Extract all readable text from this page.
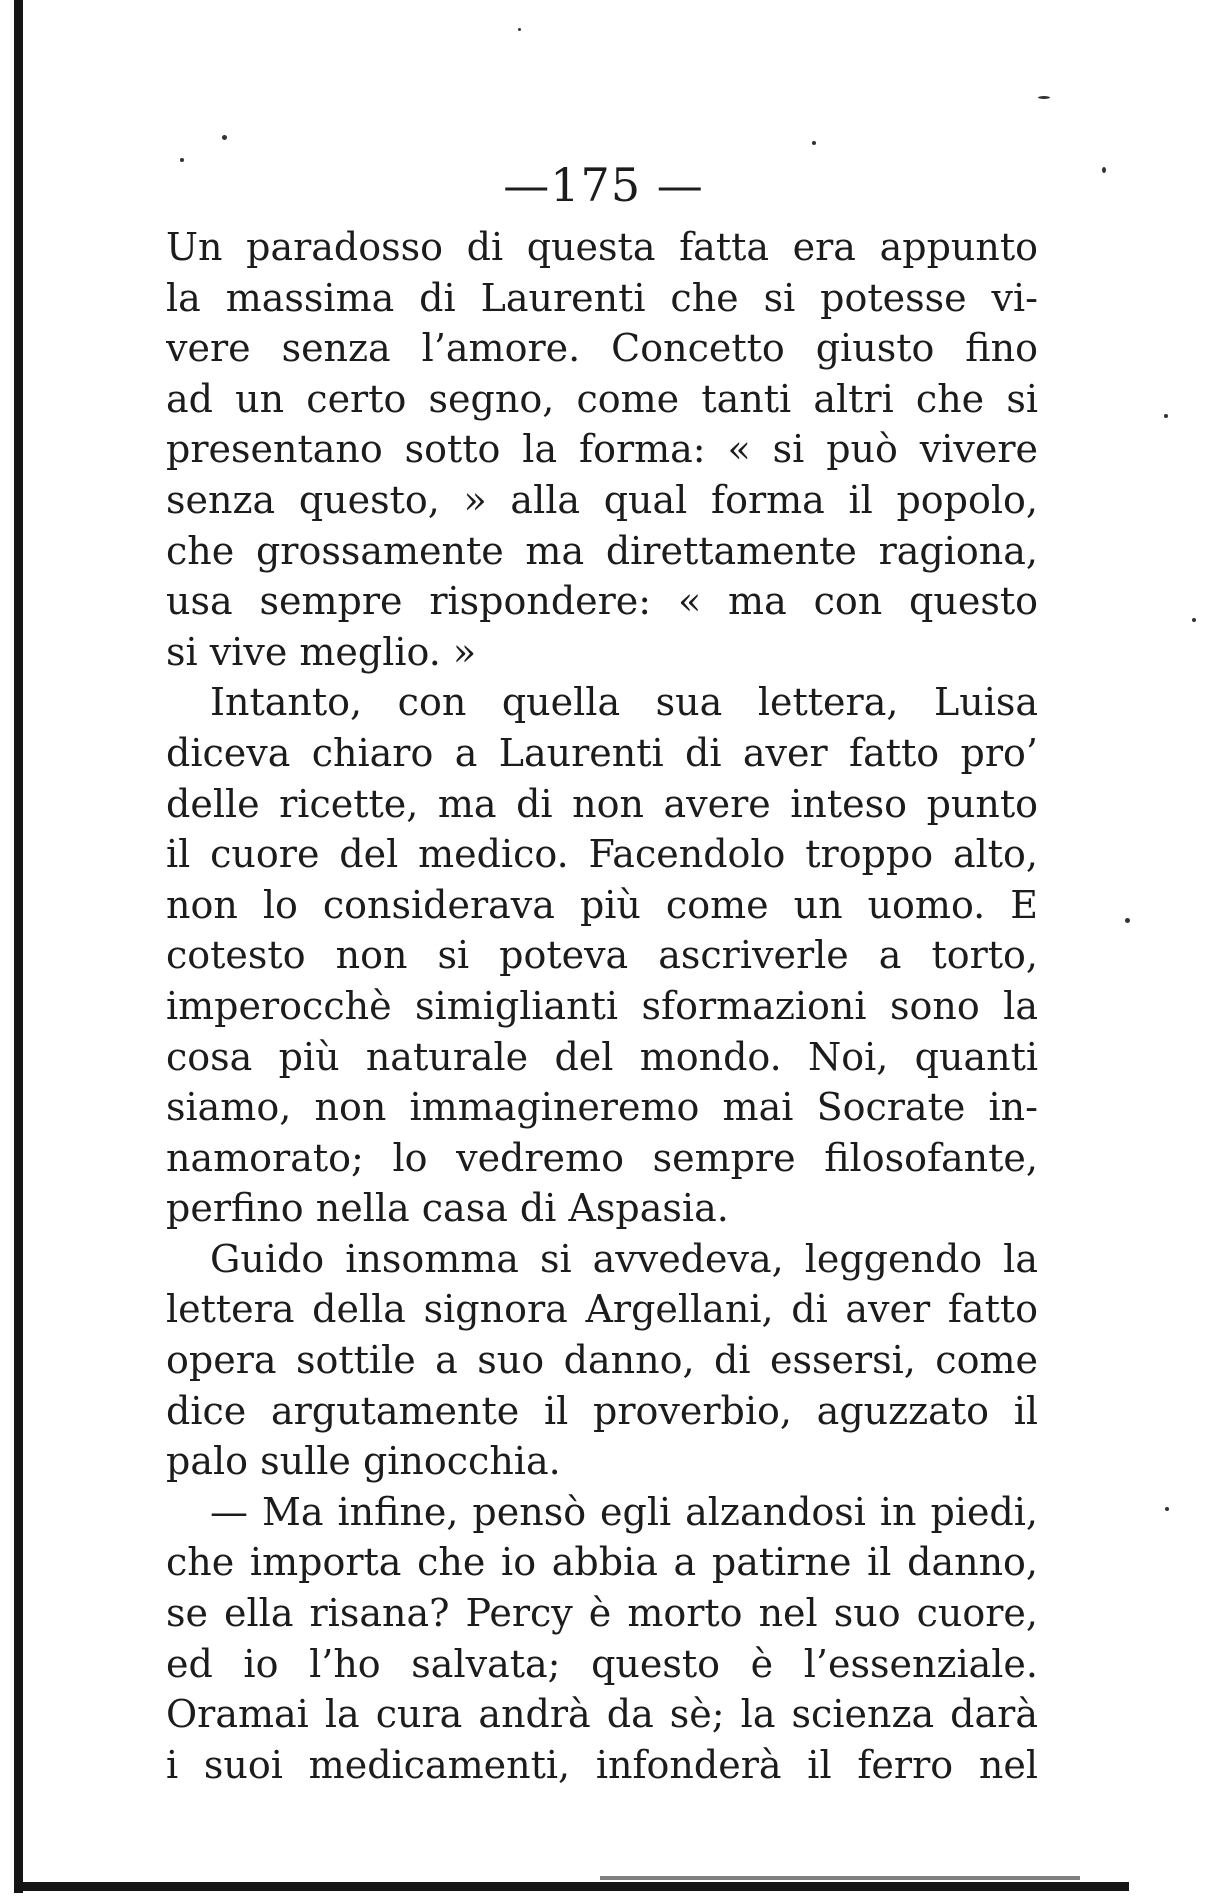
—175 —
Un paradosso di questa fatta era appunto
la massima di Laurenti che si potesse vi-
vere senza l’amore. Concetto giusto fino
ad un certo segno, come tanti altri che si
presentano sotto la forma: « si può vivere
senza questo, » alla qual forma il popolo,
che grossamente ma direttamente ragiona,
usa sempre rispondere: « ma con questo
si vive meglio. »
Intanto, con quella sua lettera, Luisa
diceva chiaro a Laurenti di aver fatto pro’
delle ricette, ma di non avere inteso punto
il cuore del medico. Facendolo troppo alto,
non lo considerava più come un uomo. E
cotesto non si poteva ascriverle a torto,
imperocchè simiglianti sformazioni sono la
cosa più naturale del mondo. Noi, quanti
siamo, non immagineremo mai Socrate in-
namorato; lo vedremo sempre filosofante,
perfino nella casa di Aspasia.
Guido insomma si avvedeva, leggendo la
lettera della signora Argellani, di aver fatto
opera sottile a suo danno, di essersi, come
dice argutamente il proverbio, aguzzato il
palo sulle ginocchia.
— Ma infine, pensò egli alzandosi in piedi,
che importa che io abbia a patirne il danno,
se ella risana? Percy è morto nel suo cuore,
ed io l’ho salvata; questo è l’essenziale.
Oramai la cura andrà da sè; la scienza darà
i suoi medicamenti, infonderà il ferro nel
